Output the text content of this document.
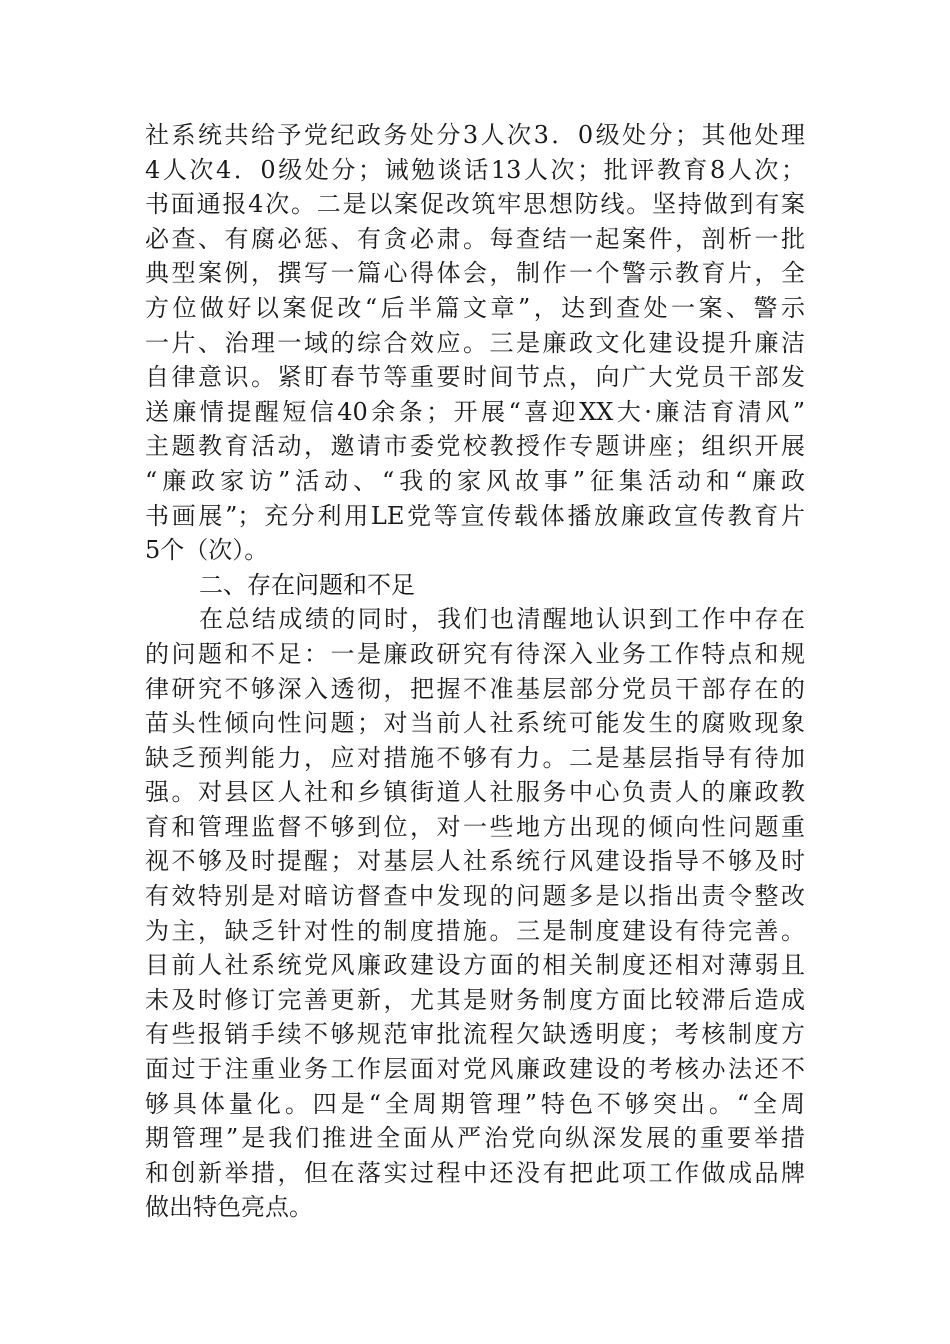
社系统共给予党纪政务处分3人次3．0级处分；其他处理
4人次4．0级处分；诫勉谈话13人次；批评教育8人次；
书面通报4次。二是以案促改筑牢思想防线。坚持做到有案
必查、有腐必惩、有贪必肃。每查结一起案件，剖析一批
典型案例，撰写一篇心得体会，制作一个警示教育片，全
方位做好以案促改“后半篇文章”，达到查处一案、警示
一片、治理一域的综合效应。三是廉政文化建设提升廉洁
自律意识。紧盯春节等重要时间节点，向广大党员干部发
送廉情提醒短信40余条；开展“喜迎XX大·廉洁育清风”
主题教育活动，邀请市委党校教授作专题讲座；组织开展
“廉政家访”活动、“我的家风故事”征集活动和“廉政
书画展”；充分利用LE党等宣传载体播放廉政宣传教育片
5个（次）。
二、存在问题和不足
在总结成绩的同时，我们也清醒地认识到工作中存在
的问题和不足：一是廉政研究有待深入业务工作特点和规
律研究不够深入透彻，把握不准基层部分党员干部存在的
苗头性倾向性问题；对当前人社系统可能发生的腐败现象
缺乏预判能力，应对措施不够有力。二是基层指导有待加
强。对县区人社和乡镇街道人社服务中心负责人的廉政教
育和管理监督不够到位，对一些地方出现的倾向性问题重
视不够及时提醒；对基层人社系统行风建设指导不够及时
有效特别是对暗访督查中发现的问题多是以指出责令整改
为主，缺乏针对性的制度措施。三是制度建设有待完善。
目前人社系统党风廉政建设方面的相关制度还相对薄弱且
未及时修订完善更新，尤其是财务制度方面比较滞后造成
有些报销手续不够规范审批流程欠缺透明度；考核制度方
面过于注重业务工作层面对党风廉政建设的考核办法还不
够具体量化。四是“全周期管理”特色不够突出。“全周
期管理”是我们推进全面从严治党向纵深发展的重要举措
和创新举措，但在落实过程中还没有把此项工作做成品牌
做出特色亮点。
